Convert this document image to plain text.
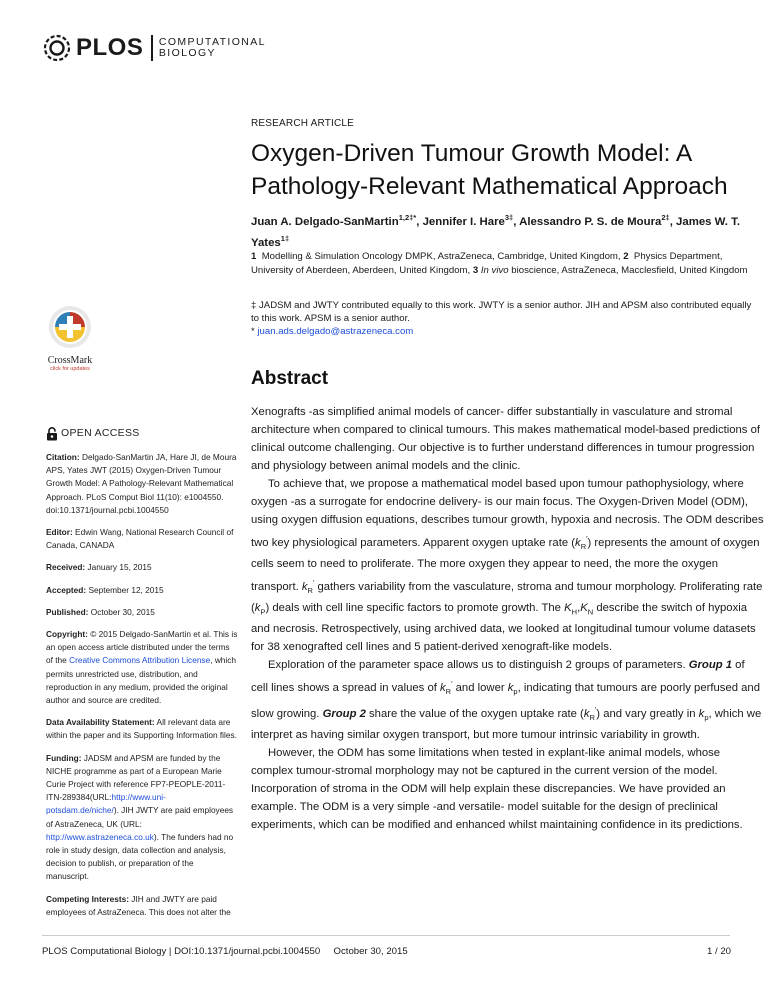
PLOS COMPUTATIONAL
BIOLOGY
RESEARCH ARTICLE
Oxygen-Driven Tumour Growth Model: A Pathology-Relevant Mathematical Approach
Juan A. Delgado-SanMartin$^{1,2\ddagger*}$, Jennifer I. Hare$^{3\ddagger}$, Alessandro P. S. de Moura$^{2\ddagger}$, James W. T. Yates$^{1\ddagger}$
1 Modelling & Simulation Oncology DMPK, AstraZeneca, Cambridge, United Kingdom, 2 Physics Department, University of Aberdeen, Aberdeen, United Kingdom, 3 In vivo bioscience, AstraZeneca, Macclesfield, United Kingdom
‡ JADSM and JWTY contributed equally to this work. JWTY is a senior author. JIH and APSM also contributed equally to this work. APSM is a senior author.
* juan.ads.delgado@astrazeneca.com
CrossMark
click for updates	Abstract

Xenografts -as simplified animal models of cancer- differ substantially in vasculature and stromal architecture when compared to clinical tumours. This makes mathematical model-based predictions of clinical outcome challenging. Our objective is to further understand differences in tumour progression and physiology between animal models and the clinic.

To achieve that, we propose a mathematical model based upon tumour pathophysiology, where oxygen -as a surrogate for endocrine delivery- is our main focus. The Oxygen-Driven Model (ODM), using oxygen diffusion equations, describes tumour growth, hypoxia and necrosis. The ODM describes two key physiological parameters. Apparent oxygen uptake rate $(k_R')$ represents the amount of oxygen cells seem to need to proliferate. The more oxygen they appear to need, the more the oxygen transport. $k_R'$ gathers variability from the vasculature, stroma and tumour morphology. Proliferating rate $(k_P)$ deals with cell line specific factors to promote growth. The $K_H,K_N$ describe the switch of hypoxia and necrosis. Retrospectively, using archived data, we looked at longitudinal tumour volume datasets for 38 xenografted cell lines and 5 patient-derived xenograft-like models.

Exploration of the parameter space allows us to distinguish 2 groups of parameters. Group 1 of cell lines shows a spread in values of $k_R'$ and lower $k_p$, indicating that tumours are poorly perfused and slow growing. Group 2 share the value of the oxygen uptake rate $(k_R')$ and vary greatly in $k_p$, which we interpret as having similar oxygen transport, but more tumour intrinsic variability in growth.

However, the ODM has some limitations when tested in explant-like animal models, whose complex tumour-stromal morphology may not be captured in the current version of the model. Incorporation of stroma in the ODM will help explain these discrepancies. We have provided an example. The ODM is a very simple -and versatile- model suitable for the design of preclinical experiments, which can be modified and enhanced whilst maintaining confidence in its predictions.

OPEN ACCESS
Citation: Delgado-SanMartin JA, Hare JI, de Moura APS, Yates JWT (2015) Oxygen-Driven Tumour Growth Model: A Pathology-Relevant Mathematical Approach. PLoS Comput Biol 11(10): e1004550. doi:10.1371/journal.pcbi.1004550
Editor: Edwin Wang, National Research Council of Canada, CANADA
Received: January 15, 2015
Accepted: September 12, 2015
Published: October 30, 2015
Copyright: © 2015 Delgado-SanMartin et al. This is an open access article distributed under the terms of the Creative Commons Attribution License, which permits unrestricted use, distribution, and reproduction in any medium, provided the original author and source are credited.
Data Availability Statement: All relevant data are within the paper and its Supporting Information files.
Funding: JADSM and APSM are funded by the NICHE programme as part of a European Marie Curie Project with reference FP7-PEOPLE-2011-ITN-289384(URL:http://www.uni-potsdam.de/niche/). JIH JWTY are paid employees of AstraZeneca, UK (URL: http://www.astrazeneca.co.uk). The funders had no role in study design, data collection and analysis, decision to publish, or preparation of the manuscript.
Competing Interests: JIH and JWTY are paid employees of AstraZeneca. This does not alter the
PLOS Computational Biology | DOI:10.1371/journal.pcbi.1004550     October 30, 2015	1 / 20
